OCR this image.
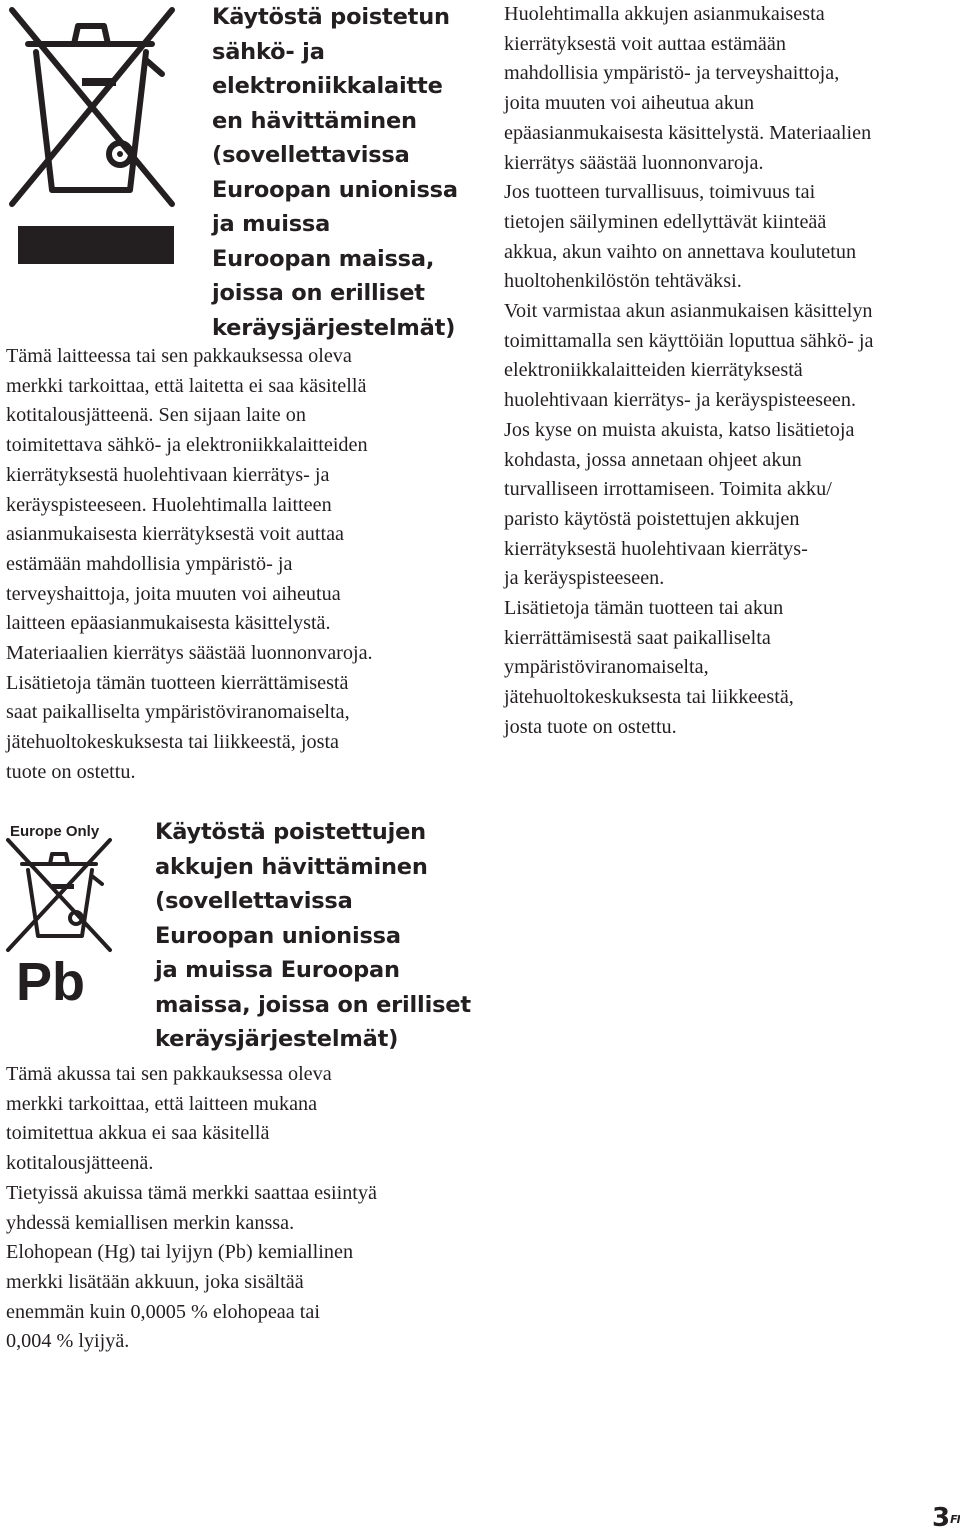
Käytöstä poistetun
sähkö- ja
elektroniikkalaitte
en hävittäminen
(sovellettavissa
Euroopan unionissa
ja muissa
Euroopan maissa,
joissa on erilliset
keräysjärjestelmät)

Tämä laitteessa tai sen pakkauksessa oleva
merkki tarkoittaa, että laitetta ei saa käsitellä
kotitalousjätteenä. Sen sijaan laite on
toimitettava sähkö- ja elektroniikkalaitteiden
kierrätyksestä huolehtivaan kierrätys- ja
keräyspisteeseen. Huolehtimalla laitteen
asianmukaisesta kierrätyksestä voit auttaa
estämään mahdollisia ympäristö- ja
terveyshaittoja, joita muuten voi aiheutua
laitteen epäasianmukaisesta käsittelystä.
Materiaalien kierrätys säästää luonnonvaroja.
Lisätietoja tämän tuotteen kierrättämisestä
saat paikalliselta ympäristöviranomaiselta,
jätehuoltokeskuksesta tai liikkeestä, josta
tuote on ostettu.

Europe Only
Pb
Käytöstä poistettujen
akkujen hävittäminen
(sovellettavissa
Euroopan unionissa
ja muissa Euroopan
maissa, joissa on erilliset
keräysjärjestelmät)

Tämä akussa tai sen pakkauksessa oleva
merkki tarkoittaa, että laitteen mukana
toimitettua akkua ei saa käsitellä
kotitalousjätteenä.
Tietyissä akuissa tämä merkki saattaa esiintyä
yhdessä kemiallisen merkin kanssa.
Elohopean (Hg) tai lyijyn (Pb) kemiallinen
merkki lisätään akkuun, joka sisältää
enemmän kuin 0,0005 % elohopeaa tai
0,004 % lyijyä.

Huolehtimalla akkujen asianmukaisesta
kierrätyksestä voit auttaa estämään
mahdollisia ympäristö- ja terveyshaittoja,
joita muuten voi aiheutua akun
epäasianmukaisesta käsittelystä. Materiaalien
kierrätys säästää luonnonvaroja.
Jos tuotteen turvallisuus, toimivuus tai
tietojen säilyminen edellyttävät kiinteää
akkua, akun vaihto on annettava koulutetun
huoltohenkilöstön tehtäväksi.
Voit varmistaa akun asianmukaisen käsittelyn
toimittamalla sen käyttöiän loputtua sähkö- ja
elektroniikkalaitteiden kierrätyksestä
huolehtivaan kierrätys- ja keräyspisteeseen.
Jos kyse on muista akuista, katso lisätietoja
kohdasta, jossa annetaan ohjeet akun
turvalliseen irrottamiseen. Toimita akku/
paristo käytöstä poistettujen akkujen
kierrätyksestä huolehtivaan kierrätys-
ja keräyspisteeseen.
Lisätietoja tämän tuotteen tai akun
kierrättämisestä saat paikalliselta
ympäristöviranomaiselta,
jätehuoltokeskuksesta tai liikkeestä,
josta tuote on ostettu.

$3^{FI}$
